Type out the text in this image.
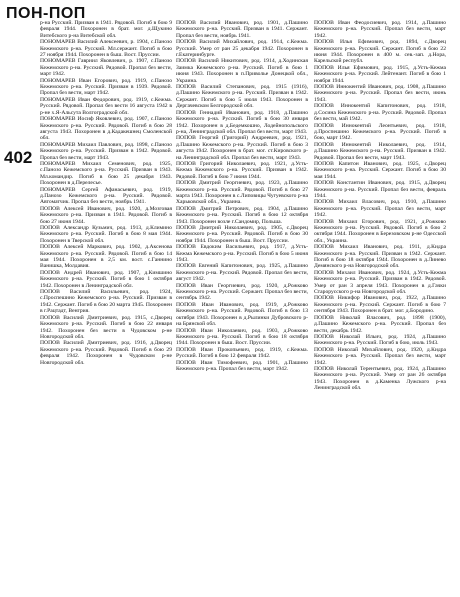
ПОН-ПОП
402

р-на Русский. Призван в 1941. Рядовой. Погиб в бою 9 февраля 1944. Похоронен в брат. мог. д.Щукино Витебского р-на Витебской обл.

ПОНОМАРЕВ Василий Алексеевич, р. 1904, с.Панозо Кежемского р-на. Русский. Мл.сержант. Погиб в бою 27 ноября 1944. Похоронен в быш. Вост. Пруссии.

ПОНОМАРЕВ Гавриил Яковлевич, р. 1907, с.Панозо Кежемского р-на. Русский. Рядовой. Пропал без вести, март 1942.

ПОНОМАРЕВ Иван Егорович, род. 1919, с.Панозо Кежемского р-на. Русский. Призван в 1939. Рядовой. Пропал без вести, март 1942.

ПОНОМАРЕВ Иван Федорович, род. 1919, с.Кежма. Русский. Рядовой. Пропал без вести 16 августа 1942 в р-не х.Я-Альсута Волгоградской обл.

ПОНОМАРЕВ Иосиф Яковлевич, род. 1907, с.Панозо Кежемского р-на. Русский. Рядовой. Погиб в бою 28 августа 1943. Похоронен в д.Кадакешнец Смоленской обл.

ПОНОМАРЕВ Михаил Павлович, род. 1898, с.Панозо Кежемского р-на. Русский. Призван в 1942. Рядовой. Пропал без вести, март 1943.

ПОНОМАРЕВ Михаил Семенович, род. 1925, с.Панозо Кежемского р-на. Русский. Призван в 1943. Мл.командир. Погиб в бою 25 декабря 1943. Похоронен в д.Перелесье.

ПОНОМАРЕВ Сергей Афанасьевич, род. 1919, д.Панозо Кежемского р-на. Русский. Рядовой. Автоматчик. Пропал без вести, ноябрь 1941.

ПОПОВ Алексей Иванович, род. 1920, д.Мозговая Кежемского р-на. Призван в 1941. Рядовой. Погиб в бою 27 июня 1944.

ПОПОВ Александр Кузьмич, род. 1913, д.Климино Кежемского р-на. Русский. Погиб в бою 8 мая 1944. Похоронен в Тверской обл.

ПОПОВ Алексей Маркович, род. 1902, д.Аксенова Кежемского р-на. Русский. Рядовой. Погиб в бою 14 мая 1944. Похоронен в 2,5 км. вост. с.Ганнино Ванишка, Молдавия.

ПОПОВ Андрей Иванович, род. 1907, д.Кимшино Кежемского р-на. Русский. Погиб в бою 1 октября 1942. Похоронен в Ленинградской обл.

ПОПОВ Василий Васильевич, род. 1924, с.Проспешино Кежемского р-на. Русский. Призван в 1942. Сержант. Погиб в бою 20 марта 1945. Похоронен в г.Рацтадт, Венгрия.

ПОПОВ Василий Дмитриевич, род. 1915, с.Дворец Кежемского р-на. Русский. Погиб в бою 22 января 1942. Похоронен без вести в Чудовском р-не Новгородской обл.

ПОПОВ Василий Дмитриевич, род. 1916, д.Дворец Кежемского р-на. Русский. Рядовой. Погиб в бою 29 февраля 1942. Похоронен в Чудовском р-не Новгородской обл.

ПОПОВ Василий Иванович, род. 1901, д.Пашино Кежемского р-на. Русский. Призван в 1941. Сержант. Пропал без вести, ноябрь 1941.

ПОПОВ Василий Михайлович, род. 1914, с.Кежма. Русский. Умер от ран 25 декабря 1942. Похоронен в г.Екатеринбурге.

ПОПОВ Василий Никитович, род. 1914, д.Ходинская Заимка Кежемского р-на. Русский. Погиб в бою 1 июня 1943. Похоронен в п.Приволье Донецкой обл., Украина.

ПОПОВ Василий Степанович, род. 1915 (1916), д.Пашино Кежемского р-на. Русский. Призван в 1942. Сержант. Погиб в бою 5 июля 1943. Похоронен в Дергачевском Белгородской обл.

ПОПОВ Геннадий Иванович, род. 1918, д.Пашино Кежемского р-на. Русский. Погиб в бою 30 января 1942. Похоронен в д.Бедемкошно, Лодейнопольского р-на, Ленинградской обл. Пропал без вести, март 1943.

ПОПОВ Георгий (Григорий) Андреевич, род. 1921, д.Пашино Кежемского р-на. Русский. Погиб в бою 3 августа 1942. Похоронен в брат. мог. ст.Кировского р-на Ленинградской обл. Пропал без вести, март 1943.

ПОПОВ Григорий Николаевич, род. 1921, д.Усть-Кежма Кежемского р-на. Русский. Призван в 1942. Рядовой. Погиб в бою 7 июня 1944.

ПОПОВ Дмитрий Георгиевич, род. 1923, д.Пашино Кежемского р-на. Русский. Рядовой. Погиб в бою 27 марта 1943. Похоронен в с.Липовицы Чугуевского р-на Харьковской обл., Украина.

ПОПОВ Дмитрий Петрович, род. 1904, д.Пашино Кежемского р-на. Русский. Погиб в бою 12 октября 1943. Похоронен возле г.Сандомир, Польша.

ПОПОВ Дмитрий Николаевич, род. 1905, с.Дворец Кежемского р-на. Русский. Рядовой. Погиб в бою 30 ноября 1944. Похоронен в быш. Вост. Пруссии.

ПОПОВ Евдоким Васильевич, род. 1917, д.Усть-Кежма Кежемского р-на. Русский. Погиб в бою 5 июня 1943.

ПОПОВ Евгений Капитонович, род. 1925, д.Пашино Кежемского р-на. Русский. Рядовой. Пропал без вести, август 1942.

ПОПОВ Иван Георгиевич, род. 1920, д.Рожково Кежемского р-на. Русский. Сержант. Пропал без вести, сентябрь 1942.

ПОПОВ Иван Иванович, род. 1919, д.Рожково Кежемского р-на. Русский. Рядовой. Погиб в бою 13 октября 1943. Похоронен в д.Рылинки Дубровского р-на Брянской обл.

ПОПОВ Иван Николаевич, род. 1903, д.Рожково Кежемского р-на. Русский. Погиб в бою 18 октября 1944. Похоронен в быш. Вост. Пруссии.

ПОПОВ Иван Прокопьевич, род. 1919, с.Кежма. Русский. Погиб в бою 12 февраля 1942.

ПОПОВ Иван Тимофеевич, род. 1901, д.Пашино Кежемского р-на. Пропал без вести, март 1942.

ПОПОВ Иван Феодосиевич, род. 1914, д.Пашино Кежемского р-на. Русский. Пропал без вести, март 1942.

ПОПОВ Илья Ефимович, род. 1894, с.Дворец Кежемского р-на. Русский. Сержант. Погиб в бою 22 июня 1944. Похоронен в 400 м. сев.-зап. д.Нора, Карельской республ.

ПОПОВ Илья Ефимович, род. 1915, д.Усть-Кежма Кежемского р-на. Русский. Лейтенант. Погиб в бою 1 ноября 1944.

ПОПОВ Иннокентий Иванович, род. 1908, д.Пашино Кежемского р-на. Русский. Пропал без вести, июнь 1943.

ПОПОВ Иннокентий Капитонович, род. 1918, д.Сосина Кежемского р-на. Русский. Рядовой. Пропал без вести, май 1942.

ПОПОВ Иннокентий Леонтьевич, род. 1918, д.Проспешино Кежемского р-на. Русский. Погиб в бою, март 1942.

ПОПОВ Иннокентий Николаевич, род. 1914, д.Пашино Кежемского р-на. Русский. Призван в 1942. Рядовой. Пропал без вести, март 1943.

ПОПОВ Капитон Иванович, род. 1925, с.Дворец Кежемского р-на. Русский. Сержант. Погиб в бою 30 мая 1944.

ПОПОВ Константин Иванович, род. 1915, д.Дворец Кежемского р-на. Русский. Пропал без вести, февраль 1944.

ПОПОВ Михаил Власович, род. 1910, д.Пашино Кежемского р-на. Русский. Пропал без вести, март 1942.

ПОПОВ Михаил Егорович, род. 1921, д.Рожково Кежемского р-на. Русский. Рядовой. Погиб в бою 2 октября 1944. Похоронен в Березовском р-не Одесской обл., Украина.

ПОПОВ Михаил Иванович, род. 1911, д.Кидра Кежемского р-на. Русский. Призван в 1942. Сержант. Погиб в бою 18 октября 1944. Похоронен в д.Линево Демянского р-на Новгородской обл.

ПОПОВ Михаил Иванович, род. 1924, д.Усть-Кежма Кежемского р-на. Русский. Призван в 1942. Рядовой. Умер от ран 3 апреля 1943. Похоронен в д.Гачки Старорусского р-на Новгородской обл.

ПОПОВ Никифор Иванович, род. 1922, д.Пашино Кежемского р-на. Русский. Сержант. Погиб в бою 7 сентября 1943. Похоронен в брат. мог. д.Бородино.

ПОПОВ Николай Власович, род. 1898 (1900), д.Пашино Кежемского р-на. Русский. Пропал без вести, декабрь 1942.

ПОПОВ Николай Ильич, род. 1924, д.Пашино Кежемского р-на. Русский. Погиб в бою, июль 1943.

ПОПОВ Николай Михайлович, род. 1920, д.Кидра Кежемского р-на. Русский. Пропал без вести, март 1942.

ПОПОВ Николай Терентьевич, род. 1924, д.Пашино Кежемского р-на. Русский. Умер от ран 26 октября 1943. Похоронен в д.Каменка Лужского р-на Ленинградской обл.
